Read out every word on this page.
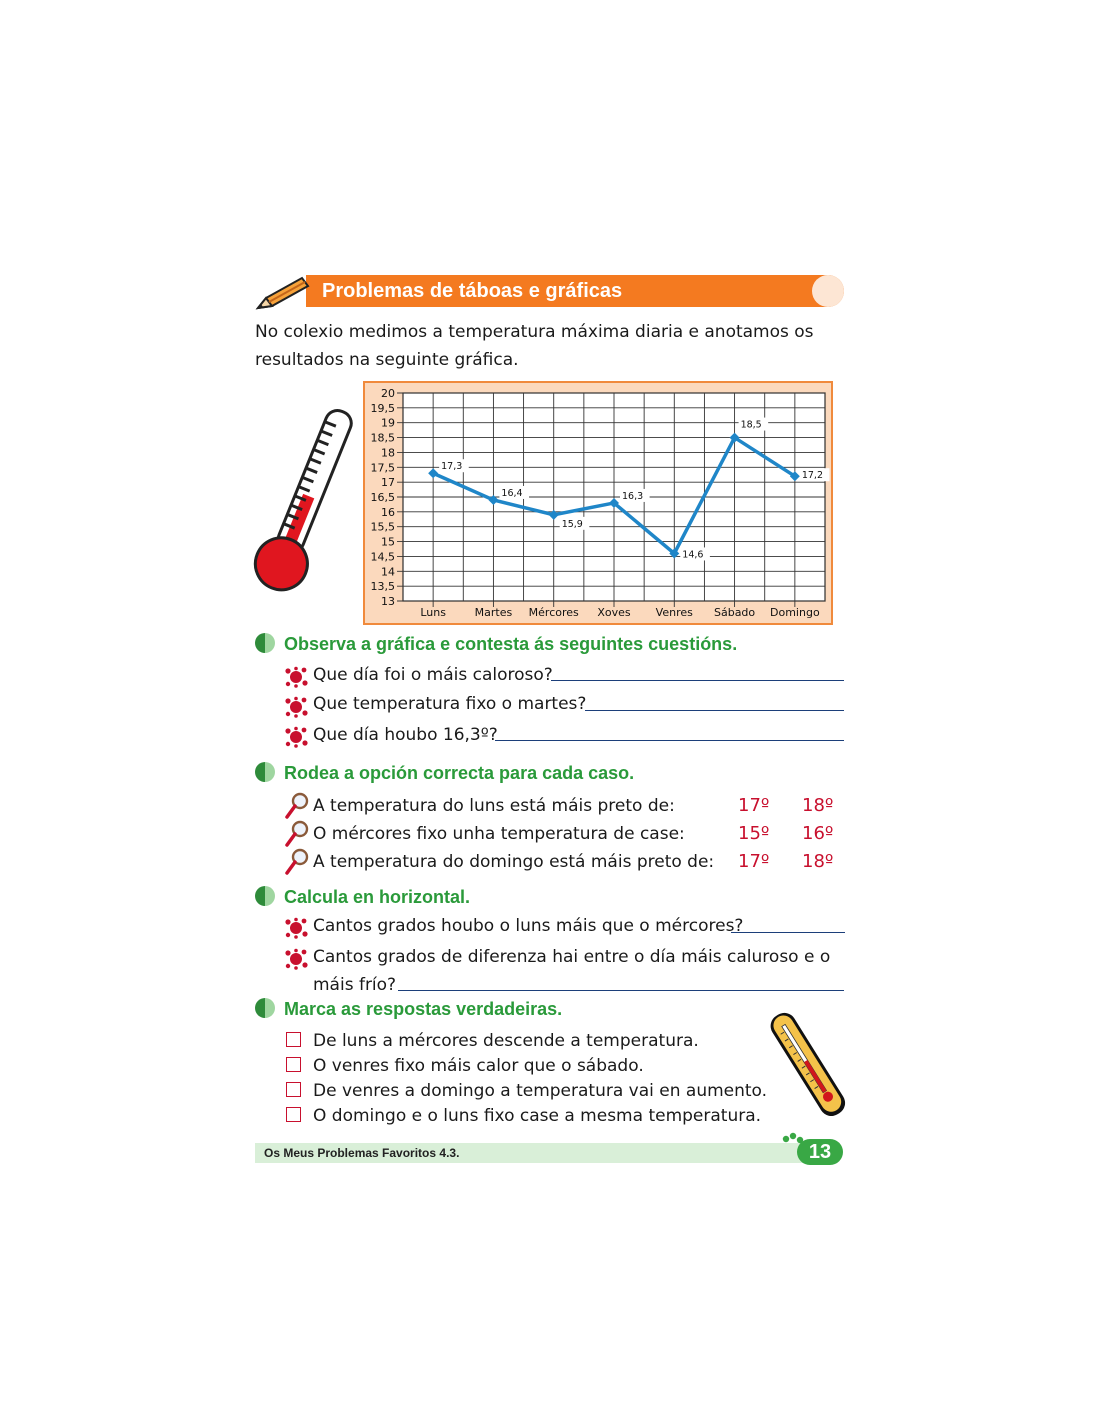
Problemas de táboas e gráficas
No colexio medimos a temperatura máxima diaria e anotamos os resultados na seguinte gráfica.
13
13,5
14
14,5
15
15,5
16
16,5
17
17,5
18
18,5
19
19,5
20
Luns	Martes Mércores Xoves Venres Sábado Domingo
17,3
16,4
15,9
16,3
14,6
18,5
17,2
Observa a gráfica e contesta ás seguintes cuestións.
Que día foi o máis caloroso?
Que temperatura fixo o martes?
Que día houbo 16,3º?
Rodea a opción correcta para cada caso.
A temperatura do luns está máis preto de:	17º 18º
O mércores fixo unha temperatura de case:	15º 16º
A temperatura do domingo está máis preto de: 17º 18º
Calcula en horizontal.
Cantos grados houbo o luns máis que o mércores?
Cantos grados de diferenza hai entre o día máis caluroso e o
máis frío?
Marca as respostas verdadeiras.
De luns a mércores descende a temperatura.
O venres fixo máis calor que o sábado.
De venres a domingo a temperatura vai en aumento.
O domingo e o luns fixo case a mesma temperatura.
Os Meus Problemas Favoritos 4.3.	13
